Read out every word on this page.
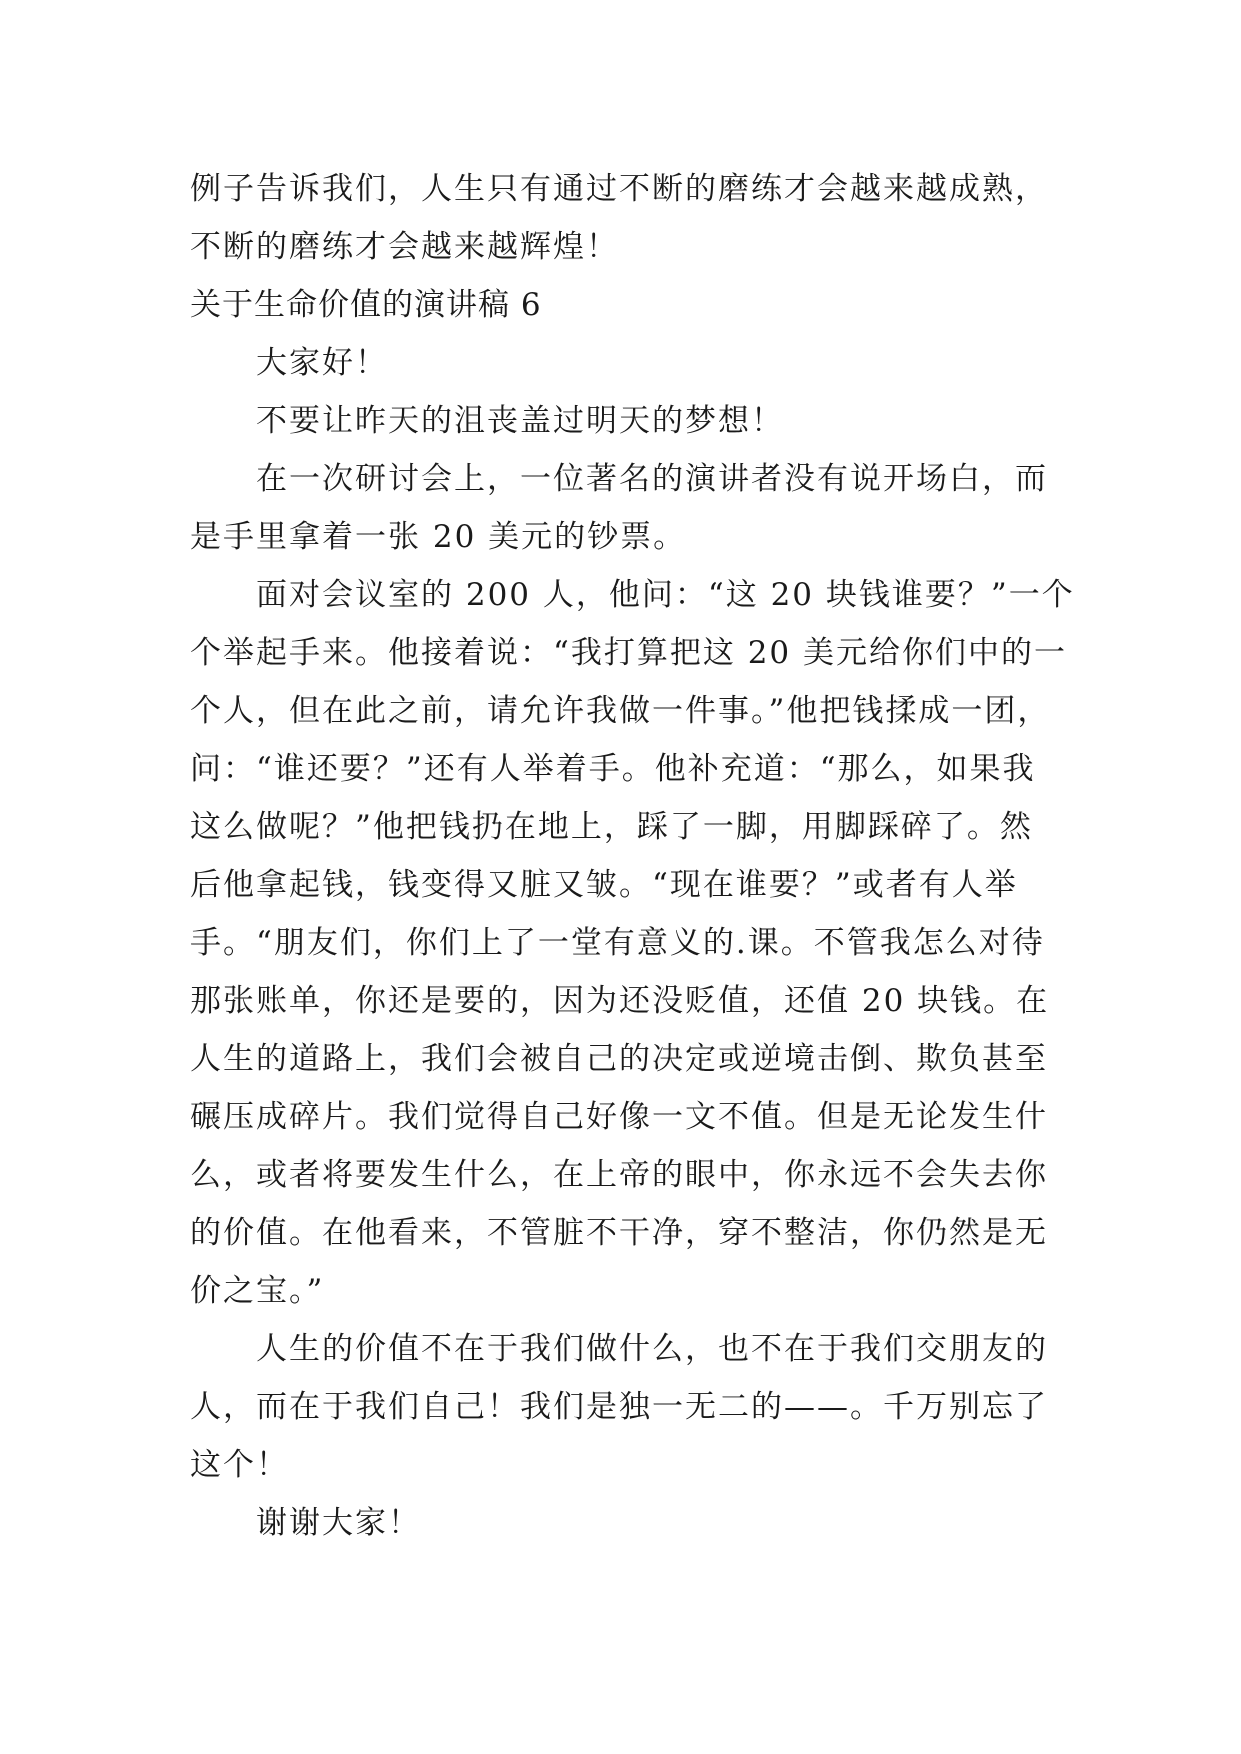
例子告诉我们，人生只有通过不断的磨练才会越来越成熟，
不断的磨练才会越来越辉煌！

关于生命价值的演讲稿 6

大家好！

不要让昨天的沮丧盖过明天的梦想！

在一次研讨会上，一位著名的演讲者没有说开场白，而
是手里拿着一张 20 美元的钞票。

面对会议室的 200 人，他问：“这 20 块钱谁要？”一个
个举起手来。他接着说：“我打算把这 20 美元给你们中的一
个人，但在此之前，请允许我做一件事。”他把钱揉成一团，
问：“谁还要？”还有人举着手。他补充道：“那么，如果我
这么做呢？”他把钱扔在地上，踩了一脚，用脚踩碎了。然
后他拿起钱，钱变得又脏又皱。“现在谁要？”或者有人举
手。“朋友们，你们上了一堂有意义的.课。不管我怎么对待
那张账单，你还是要的，因为还没贬值，还值 20 块钱。在
人生的道路上，我们会被自己的决定或逆境击倒、欺负甚至
碾压成碎片。我们觉得自己好像一文不值。但是无论发生什
么，或者将要发生什么，在上帝的眼中，你永远不会失去你
的价值。在他看来，不管脏不干净，穿不整洁，你仍然是无
价之宝。”

人生的价值不在于我们做什么，也不在于我们交朋友的
人，而在于我们自己！我们是独一无二的——。千万别忘了
这个！

谢谢大家！
